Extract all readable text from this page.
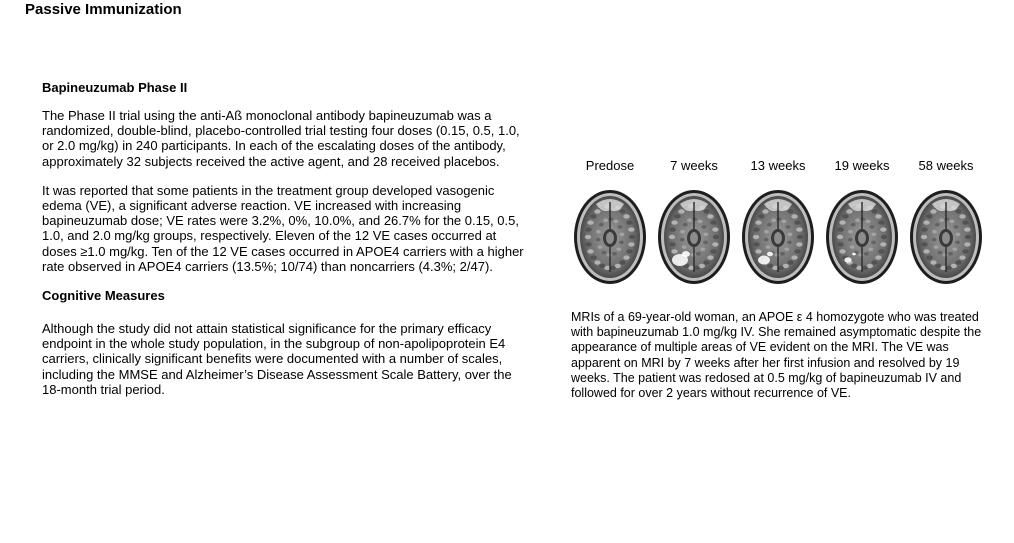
Passive Immunization
Bapineuzumab Phase II

The Phase II trial using the anti-Aß monoclonal antibody bapineuzumab was a randomized, double-blind, placebo-controlled trial testing four doses (0.15, 0.5, 1.0, or 2.0 mg/kg) in 240 participants. In each of the escalating doses of the antibody, approximately 32 subjects received the active agent, and 28 received placebos.

It was reported that some patients in the treatment group developed vasogenic edema (VE), a significant adverse reaction. VE increased with increasing bapineuzumab dose; VE rates were 3.2%, 0%, 10.0%, and 26.7% for the 0.15, 0.5, 1.0, and 2.0 mg/kg groups, respectively. Eleven of the 12 VE cases occurred at doses ≥1.0 mg/kg. Ten of the 12 VE cases occurred in APOE4 carriers with a higher rate observed in APOE4 carriers (13.5%; 10/74) than noncarriers (4.3%; 2/47).

Cognitive Measures

Although the study did not attain statistical significance for the primary efficacy endpoint in the whole study population, in the subgroup of non-apolipoprotein E4 carriers, clinically significant benefits were documented with a number of scales, including the MMSE and Alzheimer’s Disease Assessment Scale Battery, over the 18-month trial period.

Predose	7 weeks	13 weeks	19 weeks	58 weeks

MRIs of a 69-year-old woman, an APOE ε 4 homozygote who was treated with bapineuzumab 1.0 mg/kg IV. She remained asymptomatic despite the appearance of multiple areas of VE evident on the MRI. The VE was apparent on MRI by 7 weeks after her first infusion and resolved by 19 weeks. The patient was redosed at 0.5 mg/kg of bapineuzumab IV and followed for over 2 years without recurrence of VE.
